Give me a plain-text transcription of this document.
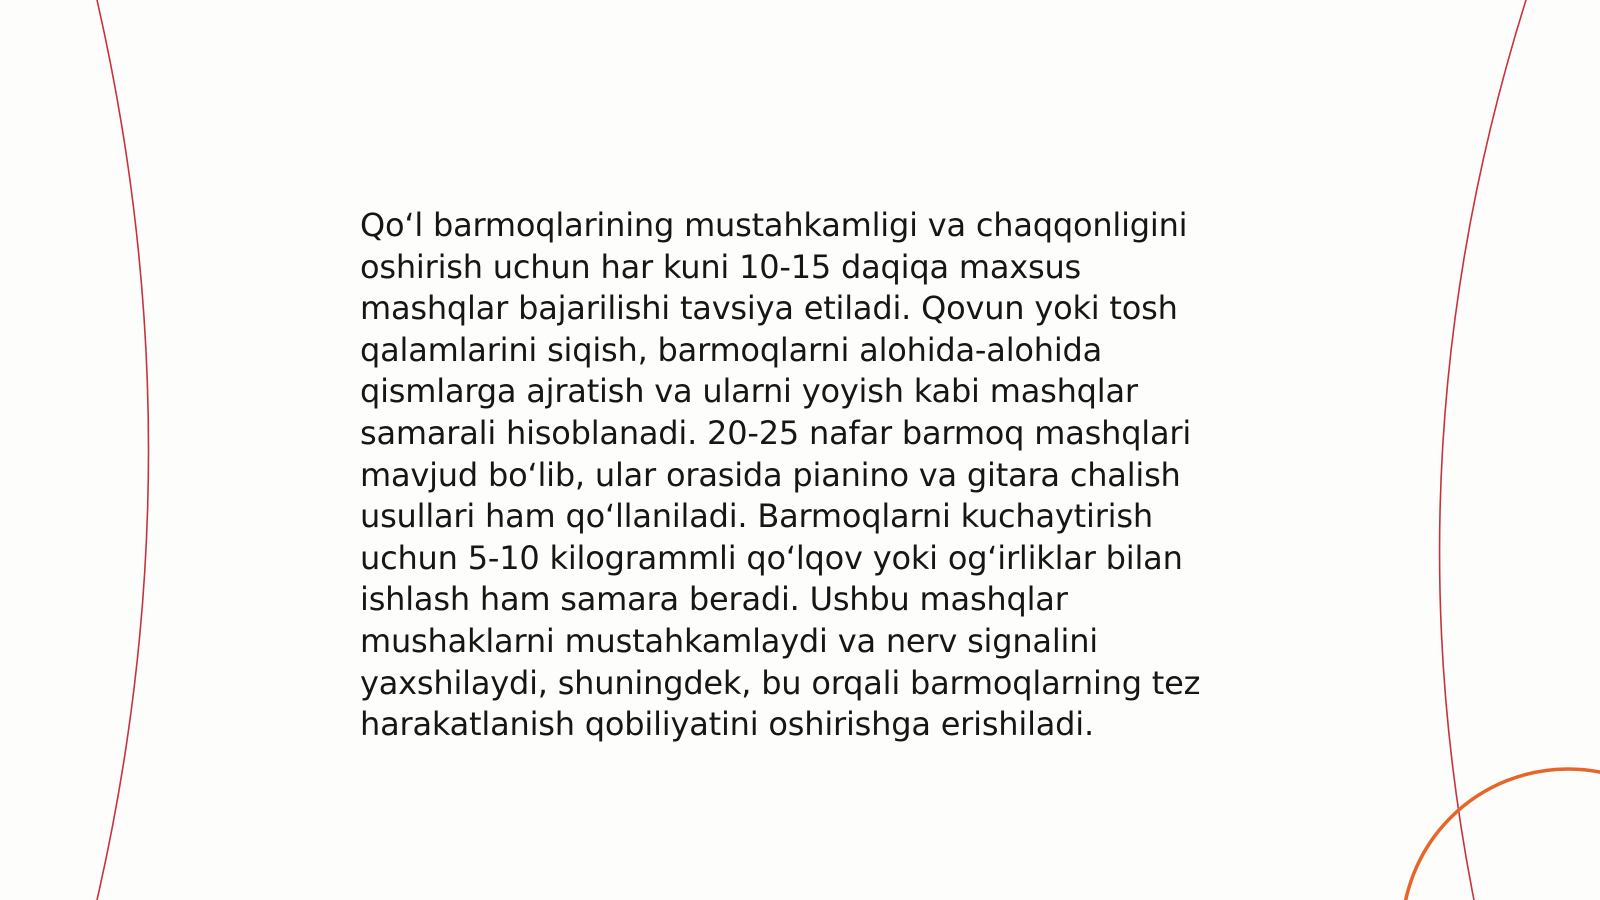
Qoʻl barmoqlarining mustahkamligi va chaqqonligini
oshirish uchun har kuni 10-15 daqiqa maxsus
mashqlar bajarilishi tavsiya etiladi. Qovun yoki tosh
qalamlarini siqish, barmoqlarni alohida-alohida
qismlarga ajratish va ularni yoyish kabi mashqlar
samarali hisoblanadi. 20-25 nafar barmoq mashqlari
mavjud boʻlib, ular orasida pianino va gitara chalish
usullari ham qoʻllaniladi. Barmoqlarni kuchaytirish
uchun 5-10 kilogrammli qoʻlqov yoki ogʻirliklar bilan
ishlash ham samara beradi. Ushbu mashqlar
mushaklarni mustahkamlaydi va nerv signalini
yaxshilaydi, shuningdek, bu orqali barmoqlarning tez
harakatlanish qobiliyatini oshirishga erishiladi.
